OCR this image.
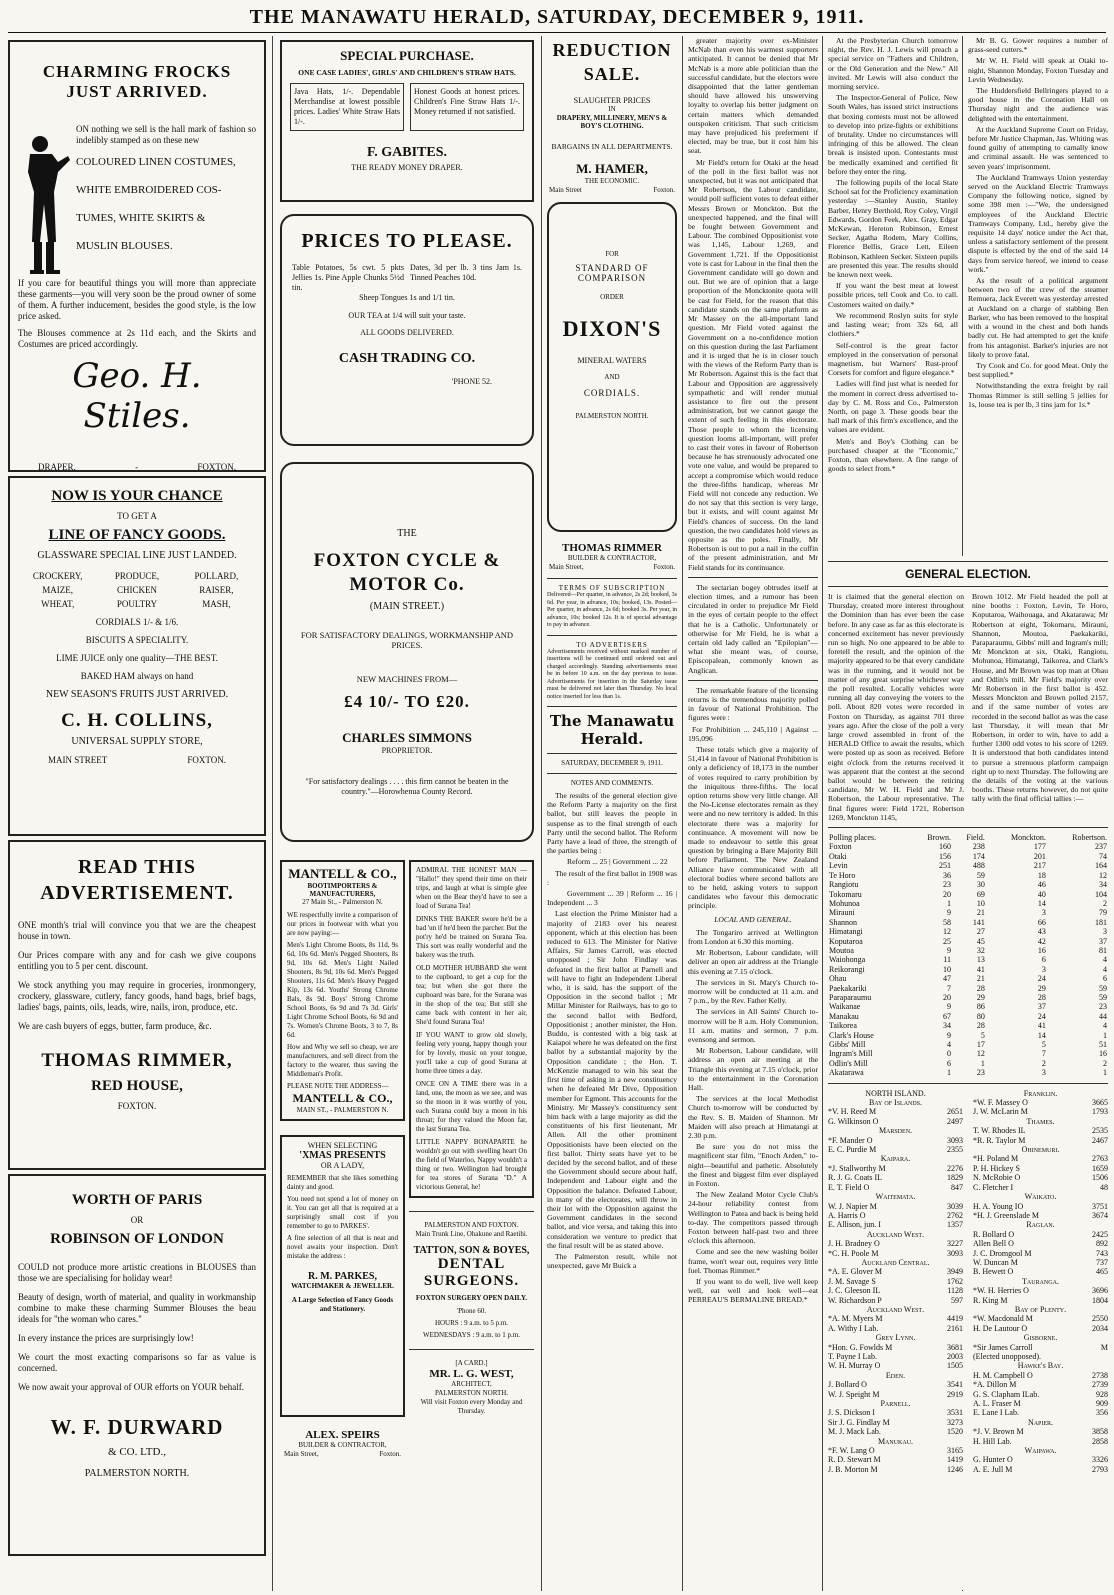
THE MANAWATU HERALD, SATURDAY, DECEMBER 9, 1911.
CHARMING FROCKS JUST ARRIVED.
ON nothing we sell is the hall mark of fashion so indelibly stamped as on these new
COLOURED LINEN COSTUMES,
WHITE EMBROIDERED COS-
TUMES, WHITE SKIRTS &
MUSLIN BLOUSES.
If you care for beautiful things you will more than appreciate these garments—you will very soon be the proud owner of some of them. A further inducement, besides the good style, is the low price asked.
The Blouses commence at 2s 11d each, and the Skirts and Costumes are priced accordingly.
Geo. H. Stiles.
DRAPER,	-	FOXTON.
NOW IS YOUR CHANCE
TO GET A
LINE OF FANCY GOODS.
GLASSWARE SPECIAL LINE JUST LANDED.
CROCKERY,	PRODUCE,	POLLARD,
MAIZE,	CHICKEN	RAISER,
WHEAT,	POULTRY	MASH,
CORDIALS 1/- & 1/6.
BISCUITS A SPECIALITY.
LIME JUICE only one quality—THE BEST.
BAKED HAM always on hand
NEW SEASON'S FRUITS JUST ARRIVED.
C. H. COLLINS,
UNIVERSAL SUPPLY STORE,
MAIN STREET	FOXTON.
READ THIS ADVERTISEMENT.
ONE month's trial will convince you that we are the cheapest house in town.
Our Prices compare with any and for cash we give coupons entitling you to 5 per cent. discount.
We stock anything you may require in groceries, ironmongery, crockery, glassware, cutlery, fancy goods, hand bags, brief bags, ladies' bags, paints, oils, leads, wire, nails, iron, produce, etc.
We are cash buyers of eggs, butter, farm produce, &c.
THOMAS RIMMER,
RED HOUSE,
FOXTON.
WORTH OF PARIS
OR
ROBINSON OF LONDON
COULD not produce more artistic creations in BLOUSES than those we are specialising for holiday wear!
Beauty of design, worth of material, and quality in workmanship combine to make these charming Summer Blouses the beau ideals for "the woman who cares."
In every instance the prices are surprisingly low!
We court the most exacting comparisons so far as value is concerned.
We now await your approval of OUR efforts on YOUR behalf.
W. F. DURWARD
& CO. LTD.,
PALMERSTON NORTH.
SPECIAL PURCHASE.
ONE CASE LADIES', GIRLS' AND CHILDREN'S STRAW HATS.
Java Hats, 1/-. Dependable Merchandise at lowest possible prices. Ladies' White Straw Hats 1/-.
Honest Goods at honest prices. Children's Fine Straw Hats 1/-. Money returned if not satisfied.
F. GABITES.
THE READY MONEY DRAPER.
PRICES TO PLEASE.
Table Potatoes, 5s cwt. 5 pkts Jellies 1s. Pine Apple Chunks 5½d tin.
Dates, 3d per lb. 3 tins Jam 1s. Tinned Peaches 10d.
Sheep Tongues 1s and 1/1 tin.
OUR TEA at 1/4 will suit your taste.
ALL GOODS DELIVERED.
CASH TRADING CO.
'PHONE 52.
THE
FOXTON CYCLE & MOTOR Co.
(MAIN STREET.)
FOR SATISFACTORY DEALINGS, WORKMANSHIP AND PRICES.
NEW MACHINES FROM—
£4 10/- TO £20.
CHARLES SIMMONS
PROPRIETOR.
"For satisfactory dealings . . . . this firm cannot be beaten in the country."—Horowhenua County Record.
MANTELL & CO.,
BOOTIMPORTERS & MANUFACTURERS,
27 Main St., - Palmerston N.
WE respectfully invite a comparison of our prices in footwear with what you are now paying:—
Men's Light Chrome Boots, 8s 11d, 9s 6d, 10s 6d. Men's Pegged Shooters, 8s 9d, 10s 6d. Men's Light Nailed Shooters, 8s 9d, 10s 6d. Men's Pegged Shooters, 11s 6d. Men's Heavy Pegged Kip, 13s 6d. Youths' Strong Chrome Bals, 8s 9d. Boys' Strong Chrome School Boots, 6s 9d and 7s 3d. Girls' Light Chrome School Boots, 6s 9d and 7s. Women's Chrome Boots, 3 to 7, 8s 6d.
How and Why we sell so cheap, we are manufacturers, and sell direct from the factory to the wearer, thus saving the Middleman's Profit.
PLEASE NOTE THE ADDRESS—
MANTELL & CO.,
MAIN ST., - PALMERSTON N.
WHEN SELECTING
'XMAS PRESENTS
OR A LADY,
REMEMBER that she likes something dainty and good.
You need not spend a lot of money on it. You can get all that is required at a surprisingly small cost if you remember to go to PARKES'.
A fine selection of all that is neat and novel awaits your inspection. Don't mistake the address :
R. M. PARKES,
WATCHMAKER & JEWELLER.
A Large Selection of Fancy Goods and Stationery.
ALEX. SPEIRS
BUILDER & CONTRACTOR,
Main Street,	Foxton.
ADMIRAL THE HONEST MAN — "Hallo!" they spend their time on their trips, and laugh at what is simple glee when on the Bear they'd have to see a load of Surana Tea!
DINKS THE BAKER swore he'd be a bad 'un if he'd been the parcher. But the pot'ry he'd be trained on Surana Tea. This sort was really wonderful and the bakery was the truth.
OLD MOTHER HUBBARD she went to the cupboard, to get a cup for the tea; but when she got there the cupboard was bare, for the Surana was in the shop of the tea; But still she came back with content in her air, She'd found Surana Tea!
IF YOU WANT to grow old slowly, feeling very young, happy though your for by lovely, music on your tongue, you'll take a cup of good Surana at home three times a day.
ONCE ON A TIME there was in a land, one, the moon as we see, and was so the moon in it was worthy of you, each Surana could buy a moon in his throat; for they valued the Moon far, the last Surana Tea.
LITTLE NAPPY BONAPARTE he wouldn't go out with swelling heart On the field of Waterloo, Nappy wouldn't a thing or two. Wellington had brought for tea stores of Surana "D." A victorious General, he!
PALMERSTON AND FOXTON.
Main Trunk Line, Ohakune and Raetihi.
TATTON, SON & BOYES,
DENTAL SURGEONS.
FOXTON SURGERY OPEN DAILY.
'Phone 60.
HOURS : 9 a.m. to 5 p.m.
WEDNESDAYS : 9 a.m. to 1 p.m.
[A CARD.]
MR. L. G. WEST,
ARCHITECT,
PALMERSTON NORTH.
Will visit Foxton every Monday and Thursday.
REDUCTION SALE.
SLAUGHTER PRICES
IN
DRAPERY, MILLINERY, MEN'S & BOY'S CLOTHING.
BARGAINS IN ALL DEPARTMENTS.
M. HAMER,
THE ECONOMIC.
Main Street	Foxton.
FOR
STANDARD OF COMPARISON
ORDER
DIXON'S
MINERAL WATERS
AND
CORDIALS.
PALMERSTON NORTH.
THOMAS RIMMER
BUILDER & CONTRACTOR,
Main Street,	Foxton.
TERMS OF SUBSCRIPTION
Delivered—Per quarter, in advance, 2s 2d; booked, 3s 6d. Per year, in advance, 10s; booked, 13s. Posted—Per quarter, in advance, 2s 6d; booked 3s. Per year, in advance, 10s; booked 12s. It is of special advantage to pay in advance.
TO ADVERTISERS
Advertisements received without marked number of insertions will be continued until ordered out and charged accordingly. Standing advertisements must be in before 10 a.m. on the day previous to issue. Advertisements for insertion in the Saturday issue must be delivered not later than Thursday. No local notice inserted for less than 1s.
The Manawatu Herald.
SATURDAY, DECEMBER 9, 1911.
NOTES AND COMMENTS.

The results of the general election give the Reform Party a majority on the first ballot, but still leaves the people in suspense as to the final strength of each Party until the second ballot. The Reform Party have a lead of three, the strength of the parties being :

Reform ... 25 | Government ... 22

The result of the first ballot in 1908 was :

Government ... 39 | Reform ... 16 | Independent ... 3

Last election the Prime Minister had a majority of 2183 over his nearest opponent, which at this election has been reduced to 613. The Minister for Native Affairs, Sir James Carroll, was elected unopposed ; Sir John Findlay was defeated in the first ballot at Parnell and will have to fight an Independent Liberal who, it is said, has the support of the Opposition in the second ballot ; Mr Millar Minister for Railways, has to go to the second ballot with Bedford, Oppositionist ; another minister, the Hon. Buddo, is contested with a big task at Kaiapoi where he was defeated on the first ballot by a substantial majority by the Opposition candidate ; the Hon. T. McKenzie managed to win his seat the first time of asking in a new constituency when he defeated Mr Dive, Opposition member for Egmont. This accounts for the Ministry. Mr Massey's constituency sent him back with a large majority as did the constituents of his first lieutenant, Mr Allen. All the other prominent Oppositionists have been elected on the first ballot. Thirty seats have yet to be decided by the second ballot, and of these the Government should secure about half, Independent and Labour eight and the Opposition the balance. Defeated Labour, in many of the electorates, will throw in their lot with the Opposition against the Government candidates in the second ballot, and vice versa, and taking this into consideration we venture to predict that the final result will be as stated above.

The Palmerston result, while not unexpected, gave Mr Buick a

greater majority over ex-Minister McNab than even his warmest supporters anticipated. It cannot be denied that Mr McNab is a more able politician than the successful candidate, but the electors were disappointed that the latter gentleman should have allowed his unswerving loyalty to overlap his better judgment on certain matters which demanded outspoken criticism. That such criticism may have prejudiced his preferment if elected, may be true, but it cost him his seat.

Mr Field's return for Otaki at the head of the poll in the first ballot was not unexpected, but it was not anticipated that Mr Robertson, the Labour candidate, would poll sufficient votes to defeat either Messrs Brown or Monckton. But the unexpected happened, and the final will be fought between Government and Labour. The combined Oppositionist vote was 1,145, Labour 1,269, and Government 1,721. If the Oppositionist vote is cast for Labour in the final then the Government candidate will go down and out. But we are of opinion that a large proportion of the Moncktonite quota will be cast for Field, for the reason that this candidate stands on the same platform as Mr Massey on the all-important land question. Mr Field voted against the Government on a no-confidence motion on this question during the last Parliament and it is urged that he is in closer touch with the views of the Reform Party than is Mr Robertson. Against this is the fact that Labour and Opposition are aggressively sympathetic and will render mutual assistance to fire out the present administration, but we cannot gauge the extent of such feeling in this electorate. Those people to whom the licensing question looms all-important, will prefer to cast their votes in favour of Robertson because he has strenuously advocated one vote one value, and would be prepared to accept a compromise which would reduce the three-fifths handicap, whereas Mr Field will not concede any reduction. We do not say that this section is very large, but it exists, and will count against Mr Field's chances of success. On the land question, the two candidates hold views as opposite as the poles. Finally, Mr Robertson is out to put a nail in the coffin of the present administration, and Mr Field stands for its continuance.

The sectarian bogey obtrudes itself at election times, and a rumour has been circulated in order to prejudice Mr Field in the eyes of certain people to the effect that he is a Catholic. Unfortunately or otherwise for Mr Field, he is what a certain old lady called an "Epilopian"—what she meant was, of course, Episcopalean, commonly known as Anglican.

The remarkable feature of the licensing returns is the tremendous majority polled in favour of National Prohibition. The figures were :

For Prohibition ... 245,110 | Against ... 195,096

These totals which give a majority of 51,414 in favour of National Prohibition is only a deficiency of 18,173 in the number of votes required to carry prohibition by the iniquitous three-fifths. The local option returns show very little change. All the No-License electorates remain as they were and no new territory is added. In this electorate there was a majority for continuance. A movement will now be made to endeavour to settle this great question by bringing a Bare Majority Bill before Parliament. The New Zealand Alliance have communicated with all electoral bodies where second ballots are to be held, asking voters to support candidates who favour this democratic principle.

LOCAL AND GENERAL.

The Tongariro arrived at Wellington from London at 6.30 this morning.

Mr Robertson, Labour candidate, will deliver an open air address at the Triangle this evening at 7.15 o'clock.

The services in St. Mary's Church to-morrow will be conducted at 11 a.m. and 7 p.m., by the Rev. Father Kelly.

The services in All Saints' Church to-morrow will be 8 a.m. Holy Communion, 11 a.m. matins and sermon, 7 p.m. evensong and sermon.

Mr Robertson, Labour candidate, will address an open air meeting at the Triangle this evening at 7.15 o'clock, prior to the entertainment in the Coronation Hall.

The services at the local Methodist Church to-morrow will be conducted by the Rev. S. B. Maiden of Shannon. Mr Maiden will also preach at Himatangi at 2.30 p.m.

Be sure you do not miss the magnificent star film, "Enoch Arden," to-night—beautiful and pathetic. Absolutely the finest and biggest film ever displayed in Foxton.

The New Zealand Motor Cycle Club's 24-hour reliability contest from Wellington to Patea and back is being held to-day. The competitors passed through Foxton between half-past two and three o'clock this afternoon.

Come and see the new washing boiler frame, won't wear out, requires very little fuel. Thomas Rimmer.*

If you want to do well, live well keep well, eat well and look well—eat PERREAU'S BERMALINE BREAD.*

At the Presbyterian Church tomorrow night, the Rev. H. J. Lewis will preach a special service on "Fathers and Children, or the Old Generation and the New." All invited. Mr Lewis will also conduct the morning service.

The Inspector-General of Police, New South Wales, has issued strict instructions that boxing contests must not be allowed to develop into prize-fights or exhibitions of brutality. Under no circumstances will infringing of this be allowed. The clean break is insisted upon. Contestants must be medically examined and certified fit before they enter the ring.

The following pupils of the local State School sat for the Proficiency examination yesterday :—Stanley Austin, Stanley Barber, Henry Berthold, Roy Coley, Virgil Edwards, Gordon Feek, Alex. Gray, Edgar McKewan, Hereton Robinson, Ernest Secker, Agatha Rodem, Mary Collins, Florence Bellis, Grace Lett, Eileen Robinson, Kathleen Secker. Sixteen pupils are presented this year. The results should be known next week.

If you want the best meat at lowest possible prices, tell Cook and Co. to call. Customers waited on daily.*

We recommend Roslyn suits for style and lasting wear; from 32s 6d, all clothiers.*

Self-control is the great factor employed in the conservation of personal magnetism, but Warners' Rust-proof Corsets for comfort and figure elegance.*

Ladies will find just what is needed for the moment in correct dress advertised to-day by C. M. Ross and Co., Palmerston North, on page 3. These goods bear the hall mark of this firm's excellence, and the values are evident.

Men's and Boy's Clothing can be purchased cheaper at the "Economic," Foxton, than elsewhere. A fine range of goods to select from.*

Mr B. G. Gower requires a number of grass-seed cutters.*

Mr W. H. Field will speak at Otaki to-night, Shannon Monday, Foxton Tuesday and Levin Wednesday.

The Huddersfield Bellringers played to a good house in the Coronation Hall on Thursday night and the audience was delighted with the entertainment.

At the Auckland Supreme Court on Friday, before Mr Justice Chapman, Jas. Whiting was found guilty of attempting to carnally know and criminal assault. He was sentenced to seven years' imprisonment.

The Auckland Tramways Union yesterday served on the Auckland Electric Tramways Company the following notice, signed by some 398 men :—"We, the undersigned employees of the Auckland Electric Tramways Company, Ltd., hereby give the requisite 14 days' notice under the Act that, unless a satisfactory settlement of the present dispute is effected by the end of the said 14 days from service hereof, we intend to cease work."

As the result of a political argument between two of the crew of the steamer Remuera, Jack Everett was yesterday arrested at Auckland on a charge of stabbing Ben Barker, who has been removed to the hospital with a wound in the chest and both hands badly cut. He had attempted to get the knife from his antagonist. Barker's injuries are not likely to prove fatal.

Try Cook and Co. for good Meat. Only the best supplied.*

Notwithstanding the extra freight by rail Thomas Rimmer is still selling 5 jellies for 1s, loose tea is per lb, 3 tins jam for 1s.*

GENERAL ELECTION.
It is claimed that the general election on Thursday, created more interest throughout the Dominion than has ever been the case before. In any case as far as this electorate is concerned excitement has never previously run so high. No one appeared to be able to foretell the result, and the opinion of the majority appeared to be that every candidate was in the running, and it would not be matter of any great surprise whichever way the poll resulted. Locally vehicles were running all day conveying the voters to the poll. About 820 votes were recorded in Foxton on Thursday, as against 701 three years ago. After the close of the poll a very large crowd assembled in front of the HERALD Office to await the results, which were posted up as soon as received. Before eight o'clock from the returns received it was apparent that the contest at the second ballot would be between the retiring candidate, Mr W. H. Field and Mr J. Robertson, the Labour representative. The final figures were: Field 1721, Robertson 1269, Monckton 1145,
Brown 1012. Mr Field headed the poll at nine booths : Foxton, Levin, Te Horo, Koputaroa, Waihouaga, and Akatarawa; Mr Robertson at eight, Tokomaru, Mirauni, Shannon, Moutoa, Paekakariki, Paraparaumu, Gibbs' mill and Ingram's mill; Mr Monckton at six, Otaki, Rangiotu, Mohunoa, Himatangi, Taikorea, and Clark's House, and Mr Brown was top man at Ohau and Odlin's mill. Mr Field's majority over Mr Robertson in the first ballot is 452. Messrs Monckton and Brown polled 2157, and if the same number of votes are recorded in the second ballot as was the case last Thursday, it will mean that Mr Robertson, in order to win, have to add a further 1300 odd votes to his score of 1269. It is understood that both candidates intend to pursue a strenuous platform campaign right up to next Thursday. The following are the details of the voting at the various booths. These returns however, do not quite tally with the final official tallies :—
Polling places.	Brown.	Field.	Monckton.	Robertson.
Foxton	160	238	177	237
Otaki	156	174	201	74
Levin	251	488	217	164
Te Horo	36	59	18	12
Rangiotu	23	30	46	34
Tokomaru	20	69	40	104
Mohunoa	1	10	14	2
Mirauni	9	21	3	79
Shannon	58	141	66	181
Himatangi	12	27	43	3
Koputaroa	25	45	42	37
Moutoa	9	32	16	81
Waiohonga	11	13	6	4
Reikorangi	10	41	3	4
Ohau	47	21	24	6
Paekakariki	7	28	29	59
Paraparaumu	20	29	28	59
Waikanae	9	86	37	23
Manakau	67	80	24	44
Taikorea	34	28	41	4
Clark's House	9	5	14	1
Gibbs' Mill	4	17	5	51
Ingram's Mill	0	12	7	16
Odlin's Mill	6	1	2	2
Akatarawa	1	23	3	1
NORTH ISLAND.
Bay of Islands.
*V. H. Reed M	2651
G. Wilkinson O	2497
Marsden.
*F. Mander O	3093
E. C. Purdie M	2355
Kaipara.
*J. Stallworthy M	2276
R. J. G. Coats IL	1829
E. T. Field O	847
Waitemata.
W. J. Napier M	3039
A. Harris O	2762
E. Allison, jun. I	1357
Auckland West.
J. H. Bradney O	3227
*C. H. Poole M	3093
Auckland Central.
*A. E. Glover M	3949
J. M. Savage S	1762
J. C. Gleeson IL	1128
W. Richardson P	597
Auckland West.
*A. M. Myers M	4419
A. Withy I Lab.	2161
Grey Lynn.
*Hon. G. Fowlds M	3681
T. Payne I Lab.	2003
W. H. Murray O	1505
Eden.
J. Bollard O	3541
W. J. Speight M	2919
Parnell.
J. S. Dickson I	3531
Sir J. G. Findlay M	3273
M. J. Mack Lab.	1520
Manukau.
*F. W. Lang O	3165
R. D. Stewart M	1419
J. B. Morton M	1246
Franklin.
*W. F. Massey O	3665
J. W. McLarin M	1793
Thames.
T. W. Rhodes IL	2535
*R. R. Taylor M	2467
Ohinemuri.
*H. Poland M	2763
P. H. Hickey S	1659
N. McRobie O	1506
C. Fletcher I	48
Waikato.
H. A. Young IO	3751
*H. J. Greenslade M	3674
Raglan.
R. Bollard O	2425
Allen Bell O	892
J. C. Dromgool M	743
W. Duncan M	737
B. Hewett O	465
Tauranga.
*W. H. Herries O	3696
R. King M	1804
Bay of Plenty.
*W. Macdonald M	2550
H. De Lautour O	2034
Gisborne.
*Sir James Carroll	M
(Elected unopposed).
Hawke's Bay.
H. M. Campbell O	2738
*A. Dillon M	2739
G. S. Clapham ILab.	928
A. L. Fraser M	909
E. Lane I Lab.	356
Napier.
*J. V. Brown M	3858
H. Hill Lab.	2858
Waipawa.
G. Hunter O	3326
A. E. Jull M	2793
